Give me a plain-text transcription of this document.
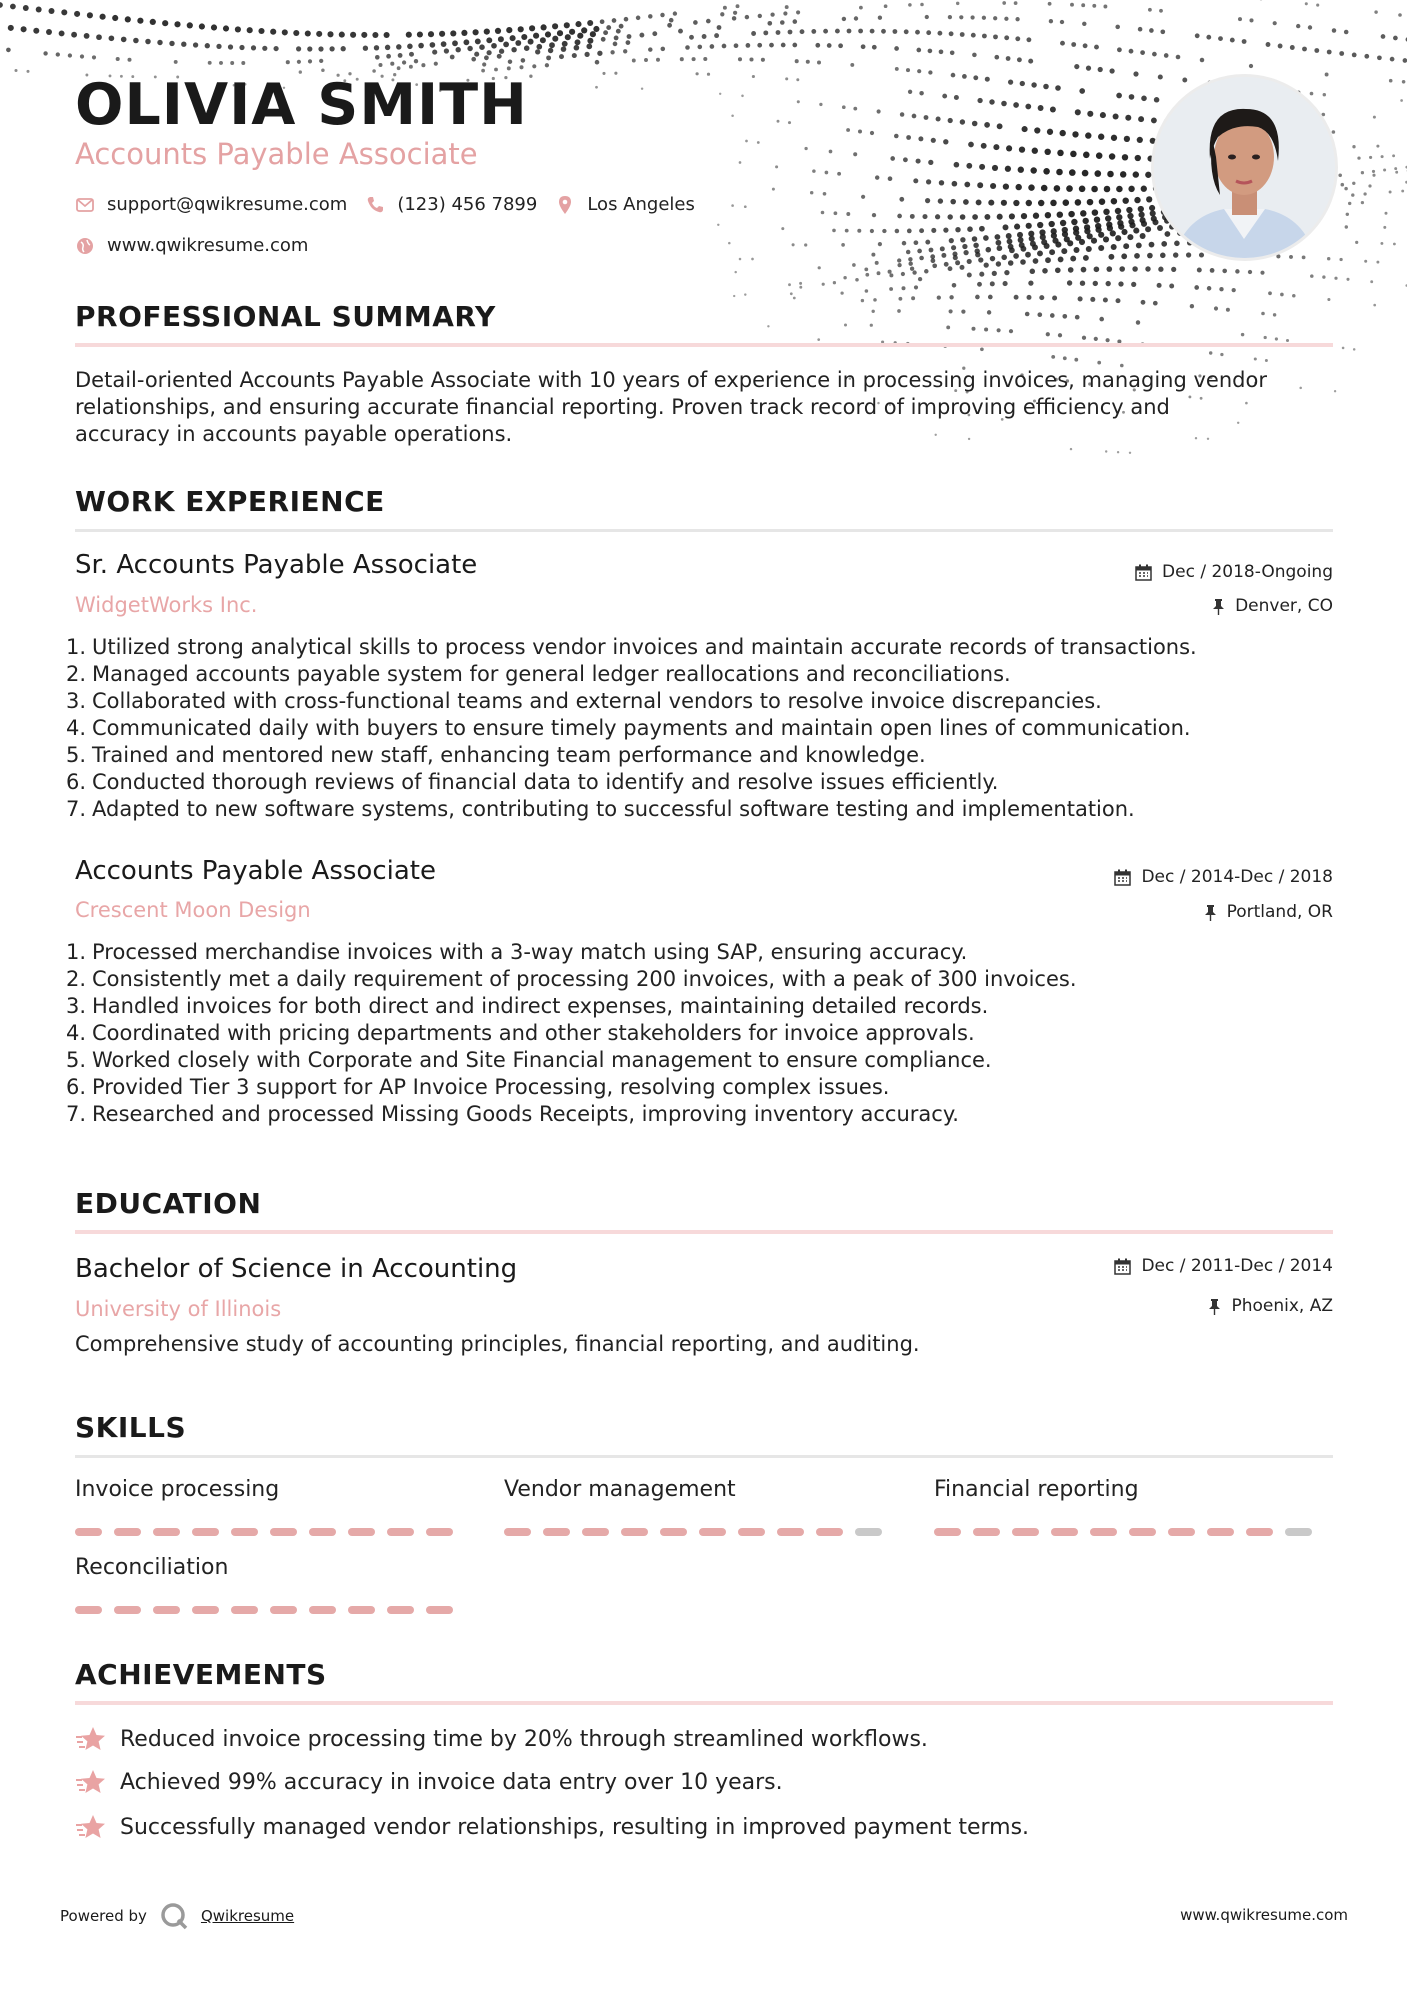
OLIVIA SMITH
Accounts Payable Associate
support@qwikresume.com	(123) 456 7899	Los Angeles
www.qwikresume.com
PROFESSIONAL SUMMARY
Detail-oriented Accounts Payable Associate with 10 years of experience in processing invoices, managing vendor
relationships, and ensuring accurate financial reporting. Proven track record of improving efficiency and
accuracy in accounts payable operations.
WORK EXPERIENCE
Sr. Accounts Payable Associate
WidgetWorks Inc.
Dec / 2018-Ongoing
Denver, CO
1. Utilized strong analytical skills to process vendor invoices and maintain accurate records of transactions.
2. Managed accounts payable system for general ledger reallocations and reconciliations.
3. Collaborated with cross-functional teams and external vendors to resolve invoice discrepancies.
4. Communicated daily with buyers to ensure timely payments and maintain open lines of communication.
5. Trained and mentored new staff, enhancing team performance and knowledge.
6. Conducted thorough reviews of financial data to identify and resolve issues efficiently.
7. Adapted to new software systems, contributing to successful software testing and implementation.
Accounts Payable Associate
Crescent Moon Design
Dec / 2014-Dec / 2018
Portland, OR
1. Processed merchandise invoices with a 3-way match using SAP, ensuring accuracy.
2. Consistently met a daily requirement of processing 200 invoices, with a peak of 300 invoices.
3. Handled invoices for both direct and indirect expenses, maintaining detailed records.
4. Coordinated with pricing departments and other stakeholders for invoice approvals.
5. Worked closely with Corporate and Site Financial management to ensure compliance.
6. Provided Tier 3 support for AP Invoice Processing, resolving complex issues.
7. Researched and processed Missing Goods Receipts, improving inventory accuracy.
EDUCATION
Bachelor of Science in Accounting
University of Illinois
Dec / 2011-Dec / 2014
Phoenix, AZ
Comprehensive study of accounting principles, financial reporting, and auditing.
SKILLS
Invoice processing	Vendor management	Financial reporting
Reconciliation
ACHIEVEMENTS
Reduced invoice processing time by 20% through streamlined workflows.
Achieved 99% accuracy in invoice data entry over 10 years.
Successfully managed vendor relationships, resulting in improved payment terms.
Powered by	Qwikresume	www.qwikresume.com
